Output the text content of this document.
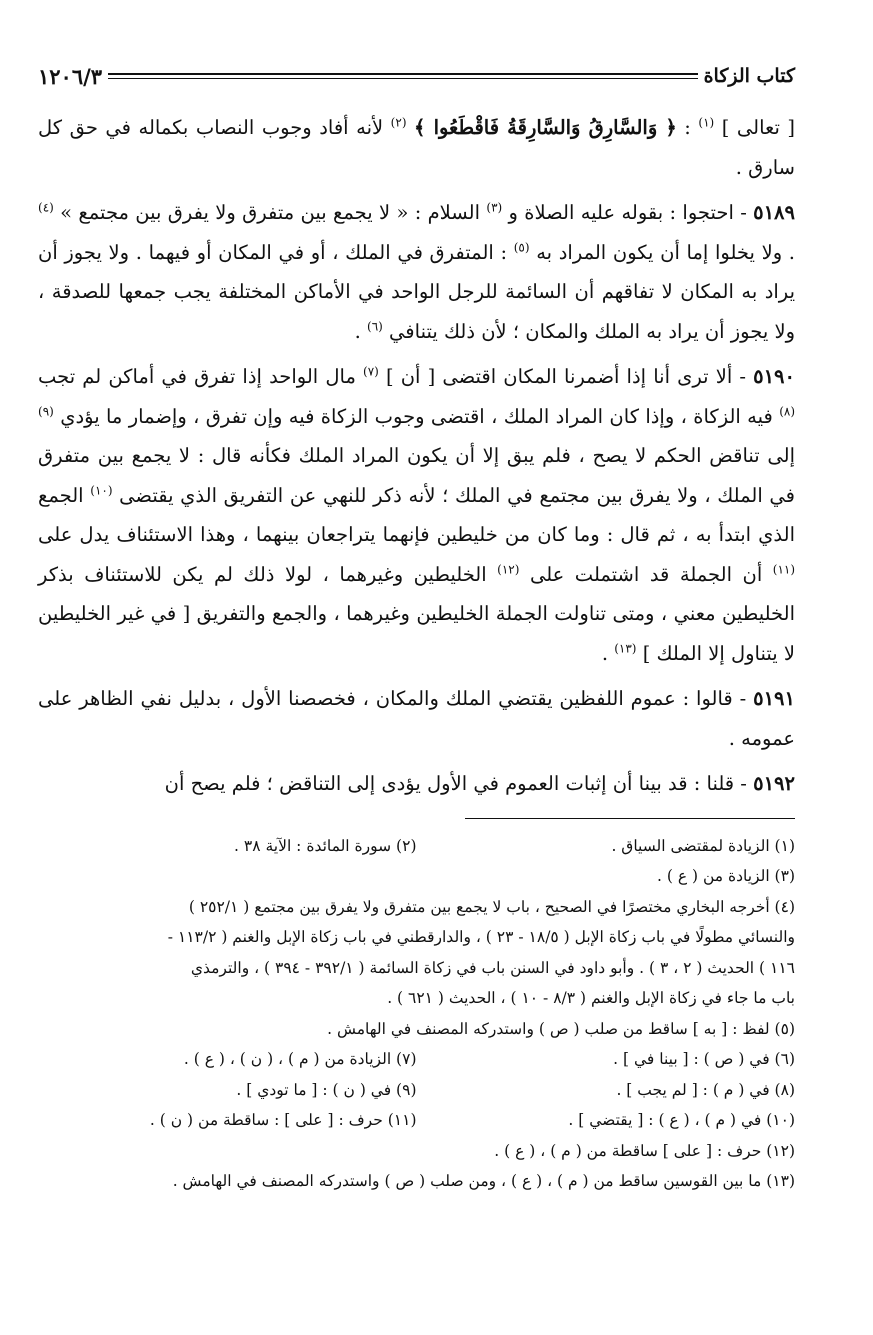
كتاب الزكاة
١٢٠٦/٣

[ تعالى ] $^{(١)}$ : ﴿ وَالسَّارِقُ وَالسَّارِقَةُ فَاقْطَعُوا ﴾ $^{(٢)}$ لأنه أفاد وجوب النصاب بكماله في حق كل سارق .

٥١٨٩ - احتجوا : بقوله عليه الصلاة و $^{(٣)}$ السلام : « لا يجمع بين متفرق ولا يفرق بين مجتمع » $^{(٤)}$ . ولا يخلوا إما أن يكون المراد به $^{(٥)}$ : المتفرق في الملك ، أو في المكان أو فيهما . ولا يجوز أن يراد به المكان لا تفاقهم أن السائمة للرجل الواحد في الأماكن المختلفة يجب جمعها للصدقة ، ولا يجوز أن يراد به الملك والمكان ؛ لأن ذلك يتنافي $^{(٦)}$ .

٥١٩٠ - ألا ترى أنا إذا أضمرنا المكان اقتضى [ أن ] $^{(٧)}$ مال الواحد إذا تفرق في أماكن لم تجب $^{(٨)}$ فيه الزكاة ، وإذا كان المراد الملك ، اقتضى وجوب الزكاة فيه وإن تفرق ، وإضمار ما يؤدي $^{(٩)}$ إلى تناقض الحكم لا يصح ، فلم يبق إلا أن يكون المراد الملك فكأنه قال : لا يجمع بين متفرق في الملك ، ولا يفرق بين مجتمع في الملك ؛ لأنه ذكر للنهي عن التفريق الذي يقتضى $^{(١٠)}$ الجمع الذي ابتدأ به ، ثم قال : وما كان من خليطين فإنهما يتراجعان بينهما ، وهذا الاستئناف يدل على $^{(١١)}$ أن الجملة قد اشتملت على $^{(١٢)}$ الخليطين وغيرهما ، لولا ذلك لم يكن للاستئناف بذكر الخليطين معني ، ومتى تناولت الجملة الخليطين وغيرهما ، والجمع والتفريق [ في غير الخليطين لا يتناول إلا الملك ] $^{(١٣)}$ .

٥١٩١ - قالوا : عموم اللفظين يقتضي الملك والمكان ، فخصصنا الأول ، بدليل نفي الظاهر على عمومه .

٥١٩٢ - قلنا : قد بينا أن إثبات العموم في الأول يؤدى إلى التناقض ؛ فلم يصح أن

(١) الزيادة لمقتضى السياق .
(٢) سورة المائدة : الآية ٣٨ .
(٣) الزيادة من ( ع ) .
(٤) أخرجه البخاري مختصرًا في الصحيح ، باب لا يجمع بين متفرق ولا يفرق بين مجتمع ( ٢٥٢/١ )
والنسائي مطولًا في باب زكاة الإبل ( ١٨/٥ - ٢٣ ) ، والدارقطني في باب زكاة الإبل والغنم ( ١١٣/٢ -
١١٦ ) الحديث ( ٢ ، ٣ ) . وأبو داود في السنن باب في زكاة السائمة ( ٣٩٢/١ - ٣٩٤ ) ، والترمذي
باب ما جاء في زكاة الإبل والغنم ( ٨/٣ - ١٠ ) ، الحديث ( ٦٢١ ) .
(٥) لفظ : [ به ] ساقط من صلب ( ص ) واستدركه المصنف في الهامش .
(٦) في ( ص ) : [ بينا في ] .
(٧) الزيادة من ( م ) ، ( ن ) ، ( ع ) .
(٨) في ( م ) : [ لم يجب ] .
(٩) في ( ن ) : [ ما تودي ] .
(١٠) في ( م ) ، ( ع ) : [ يقتضي ] .
(١١) حرف : [ على ] : ساقطة من ( ن ) .
(١٢) حرف : [ على ] ساقطة من ( م ) ، ( ع ) .
(١٣) ما بين القوسين ساقط من ( م ) ، ( ع ) ، ومن صلب ( ص ) واستدركه المصنف في الهامش .
